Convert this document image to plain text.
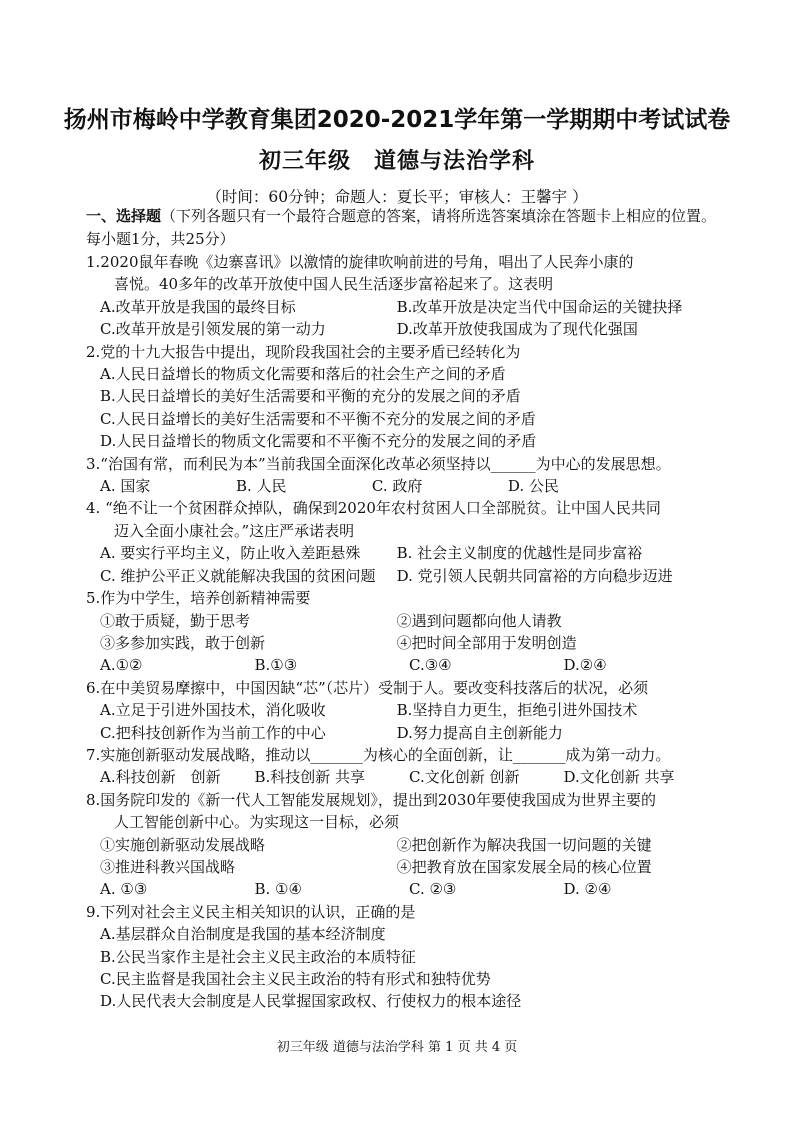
扬州市梅岭中学教育集团2020-2021学年第一学期期中考试试卷
初三年级　道德与法治学科
（时间：60分钟；命题人：夏长平；审核人：王馨宇 ）

一、选择题（下列各题只有一个最符合题意的答案，请将所选答案填涂在答题卡上相应的位置。每小题1分，共25分）

1.2020鼠年春晚《边寨喜讯》以激情的旋律吹响前进的号角，唱出了人民奔小康的

喜悦。40多年的改革开放使中国人民生活逐步富裕起来了。这表明

A.改革开放是我国的最终目标	B.改革开放是决定当代中国命运的关键抉择
C.改革开放是引领发展的第一动力	D.改革开放使我国成为了现代化强国

2.党的十九大报告中提出，现阶段我国社会的主要矛盾已经转化为

A.人民日益增长的物质文化需要和落后的社会生产之间的矛盾

B.人民日益增长的美好生活需要和平衡的充分的发展之间的矛盾

C.人民日益增长的美好生活需要和不平衡不充分的发展之间的矛盾

D.人民日益增长的物质文化需要和不平衡不充分的发展之间的矛盾

3.“治国有常，而利民为本”当前我国全面深化改革必须坚持以______为中心的发展思想。

A. 国家	B. 人民	C. 政府	D. 公民

4. “绝不让一个贫困群众掉队，确保到2020年农村贫困人口全部脱贫。让中国人民共同

迈入全面小康社会。”这庄严承诺表明

A. 要实行平均主义，防止收入差距悬殊	B. 社会主义制度的优越性是同步富裕
C. 维护公平正义就能解决我国的贫困问题	D. 党引领人民朝共同富裕的方向稳步迈进

5.作为中学生，培养创新精神需要

①敢于质疑，勤于思考	②遇到问题都向他人请教
③多参加实践，敢于创新	④把时间全部用于发明创造
A.①②	B.①③	C.③④	D.②④

6.在中美贸易摩擦中，中国因缺“芯”（芯片）受制于人。要改变科技落后的状况，必须

A.立足于引进外国技术，消化吸收	B.坚持自力更生，拒绝引进外国技术
C.把科技创新作为当前工作的中心	D.努力提高自主创新能力

7.实施创新驱动发展战略，推动以_______为核心的全面创新，让_______成为第一动力。

A.科技创新　创新	B.科技创新 共享	C.文化创新 创新	D.文化创新 共享

8.国务院印发的《新一代人工智能发展规划》，提出到2030年要使我国成为世界主要的

人工智能创新中心。为实现这一目标，必须

①实施创新驱动发展战略	②把创新作为解决我国一切问题的关键
③推进科教兴国战略	④把教育放在国家发展全局的核心位置
A. ①③	B. ①④	C. ②③	D. ②④

9.下列对社会主义民主相关知识的认识，正确的是

A.基层群众自治制度是我国的基本经济制度

B.公民当家作主是社会主义民主政治的本质特征

C.民主监督是我国社会主义民主政治的特有形式和独特优势

D.人民代表大会制度是人民掌握国家政权、行使权力的根本途径

初三年级 道德与法治学科 第 1 页 共 4 页
